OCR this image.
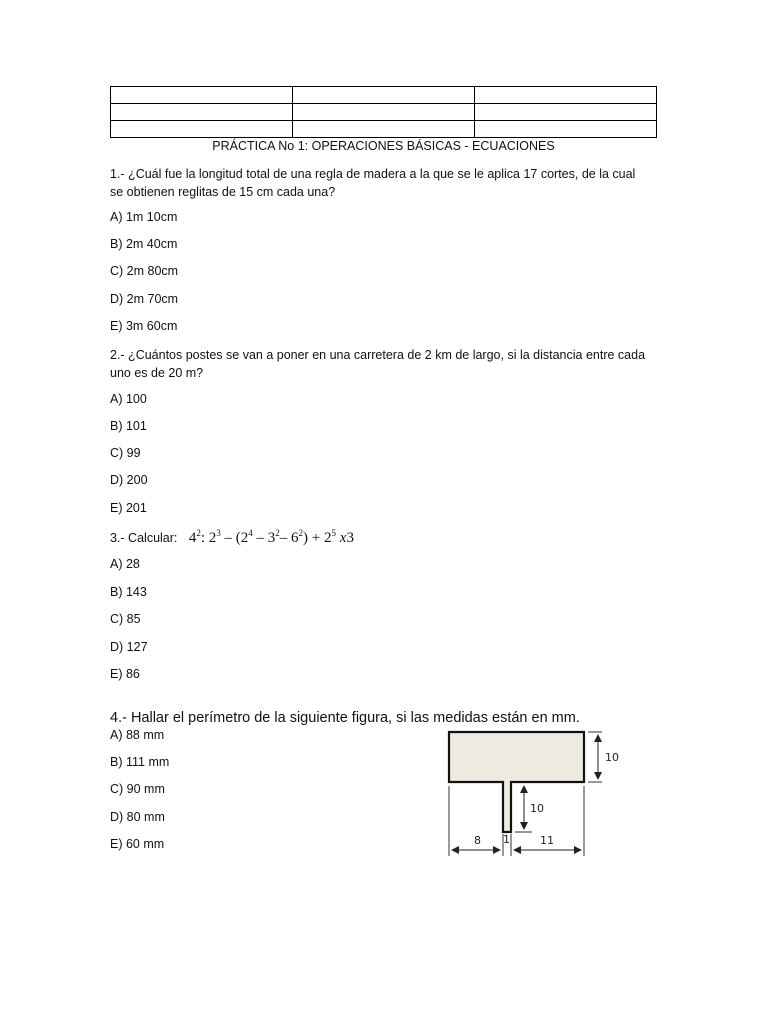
PRÁCTICA No 1: OPERACIONES BÁSICAS - ECUACIONES
1.- ¿Cuál fue la longitud total de una regla de madera a la que se le aplica 17 cortes, de la cual
se obtienen reglitas de 15 cm cada una?
A) 1m 10cm
B) 2m 40cm
C) 2m 80cm
D) 2m 70cm
E) 3m 60cm
2.- ¿Cuántos postes se van a poner en una carretera de 2 km de largo, si la distancia entre cada
uno es de 20 m?
A) 100
B) 101
C) 99
D) 200
E) 201
3.- Calcular: $4^2$: $2^3 - (2^4 - 3^2-$ $6^2) + 2^5$ x3
A) 28
B) 143
C) 85
D) 127
E) 86
4.- Hallar el perímetro de la siguiente figura, si las medidas están en mm.
A) 88 mm
B) 111 mm
C) 90 mm
D) 80 mm
E) 60 mm
10
10
8 1	11
